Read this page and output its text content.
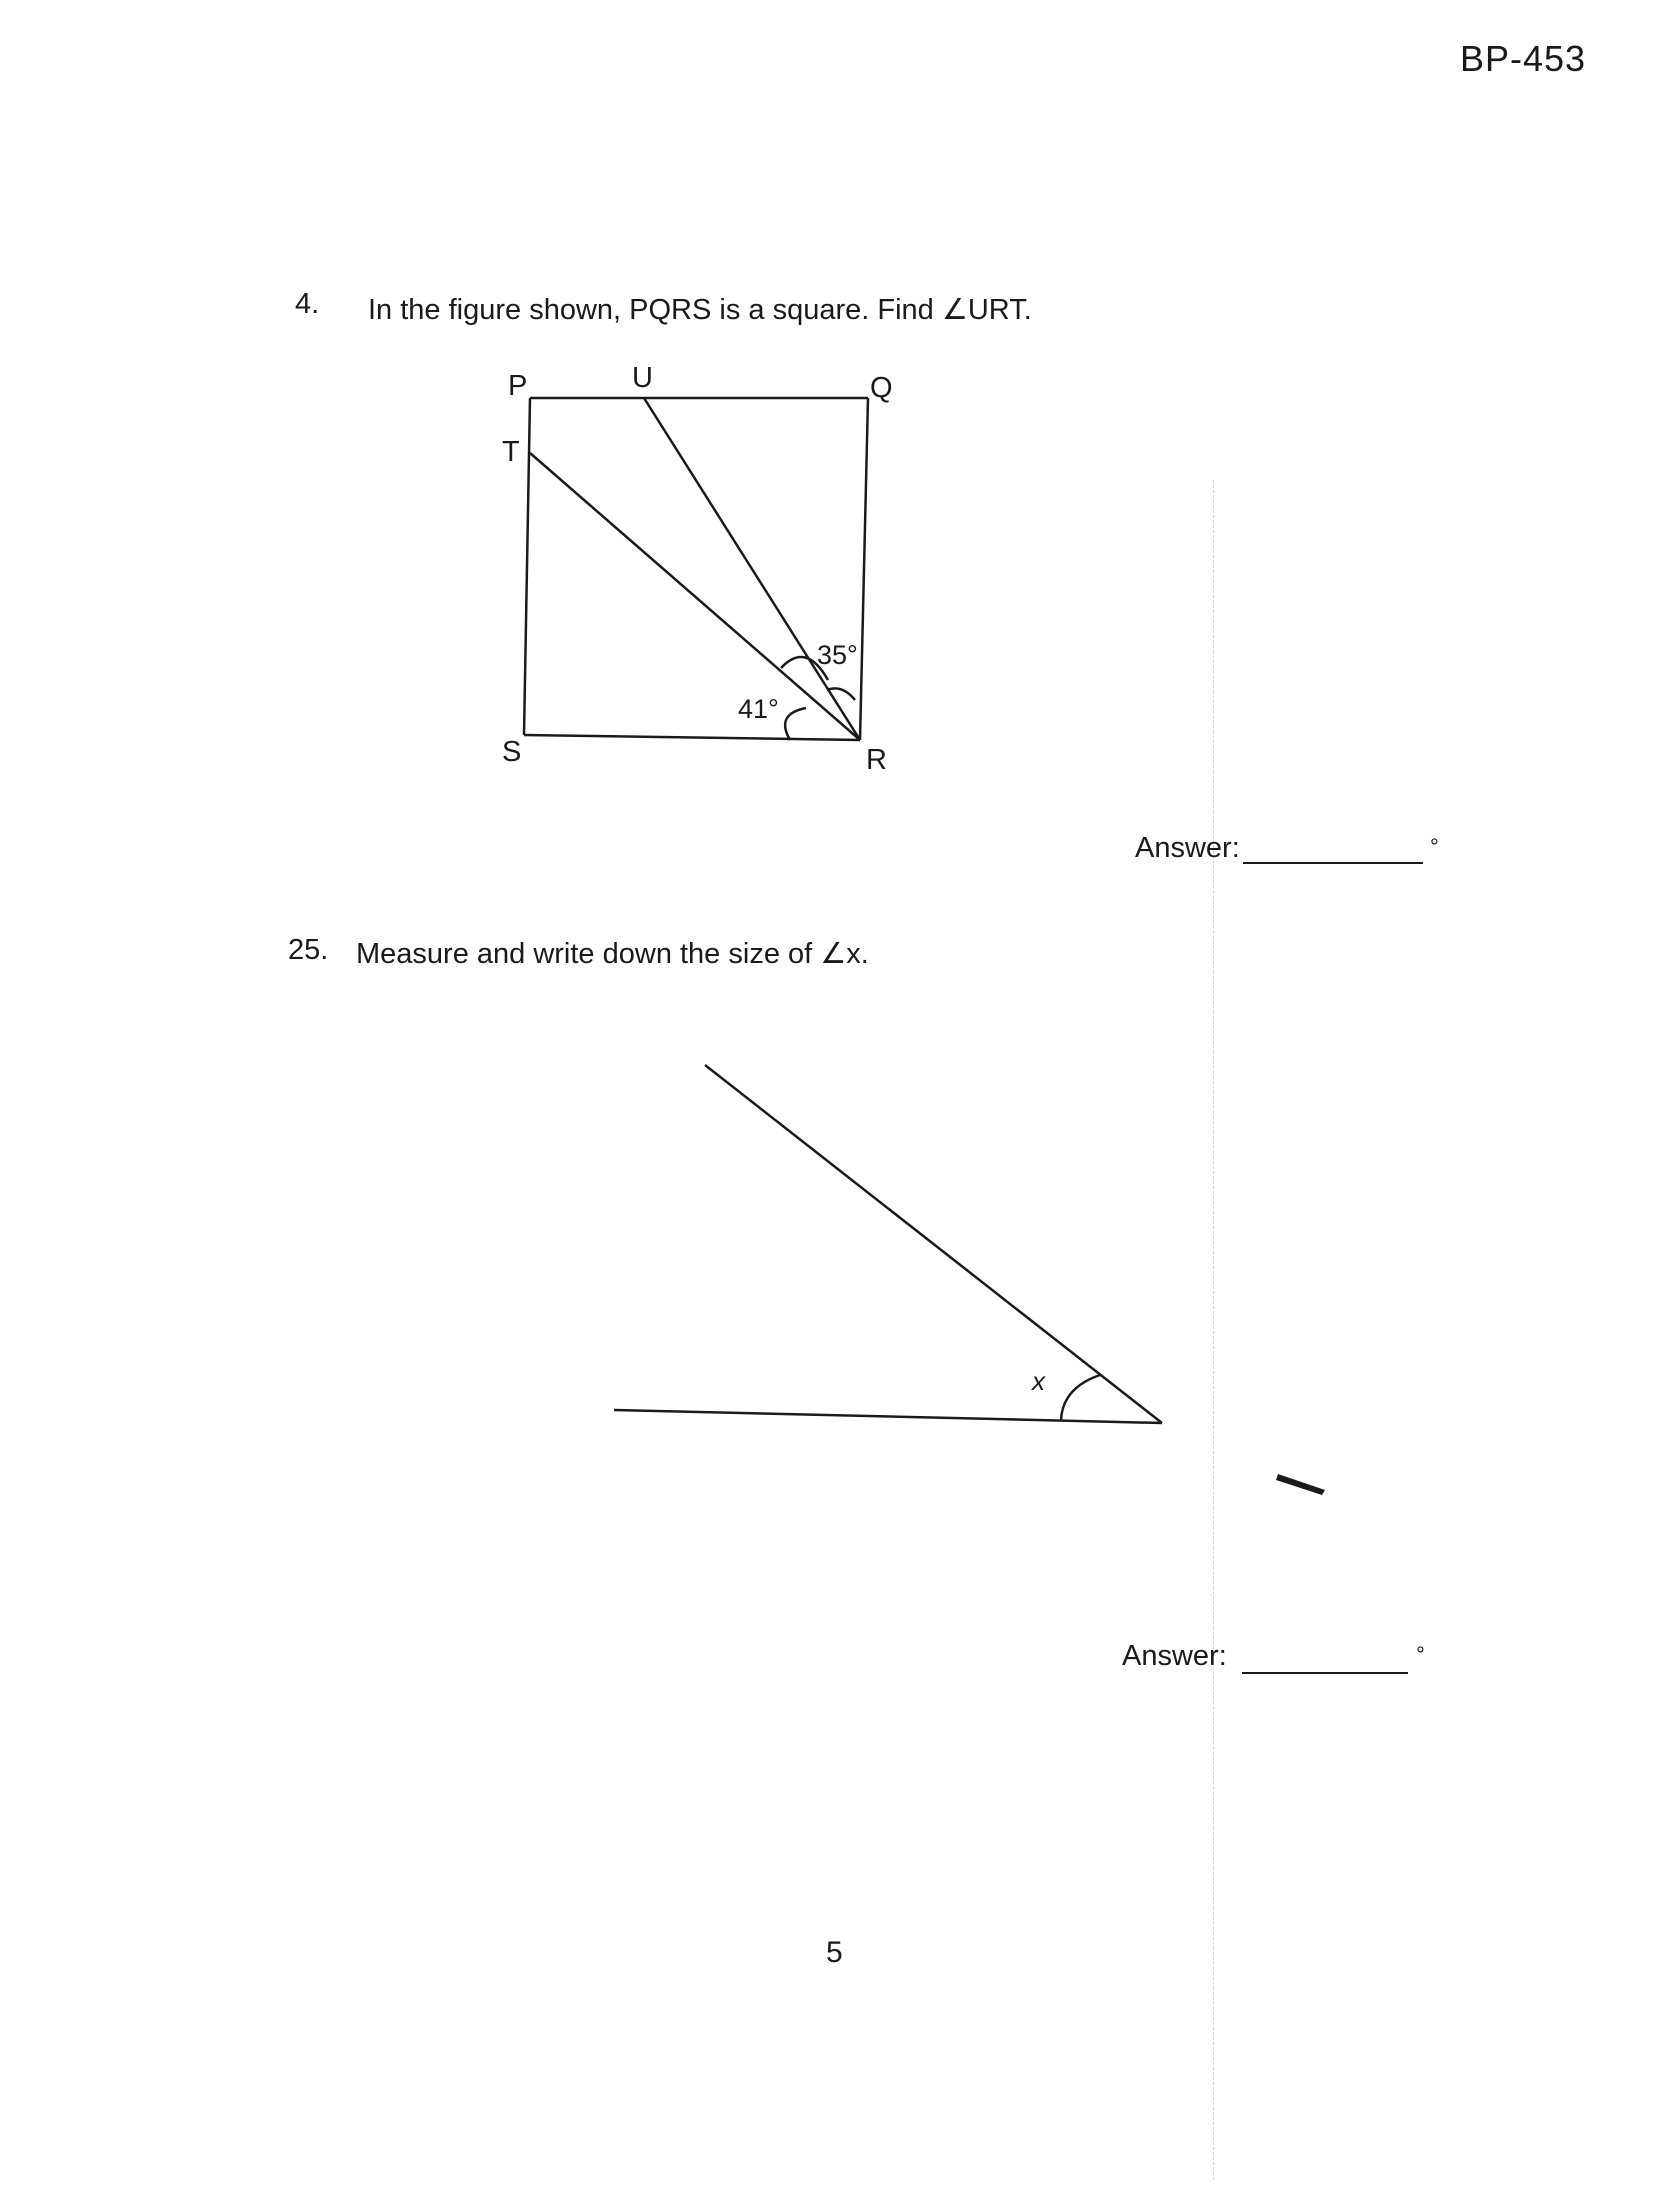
BP-453
4. In the figure shown, PQRS is a square. Find ∠URT.
P	U	Q
T
S	R
35°
41°
Answer:	°
25. Measure and write down the size of ∠x.
x
Answer:	°
5
